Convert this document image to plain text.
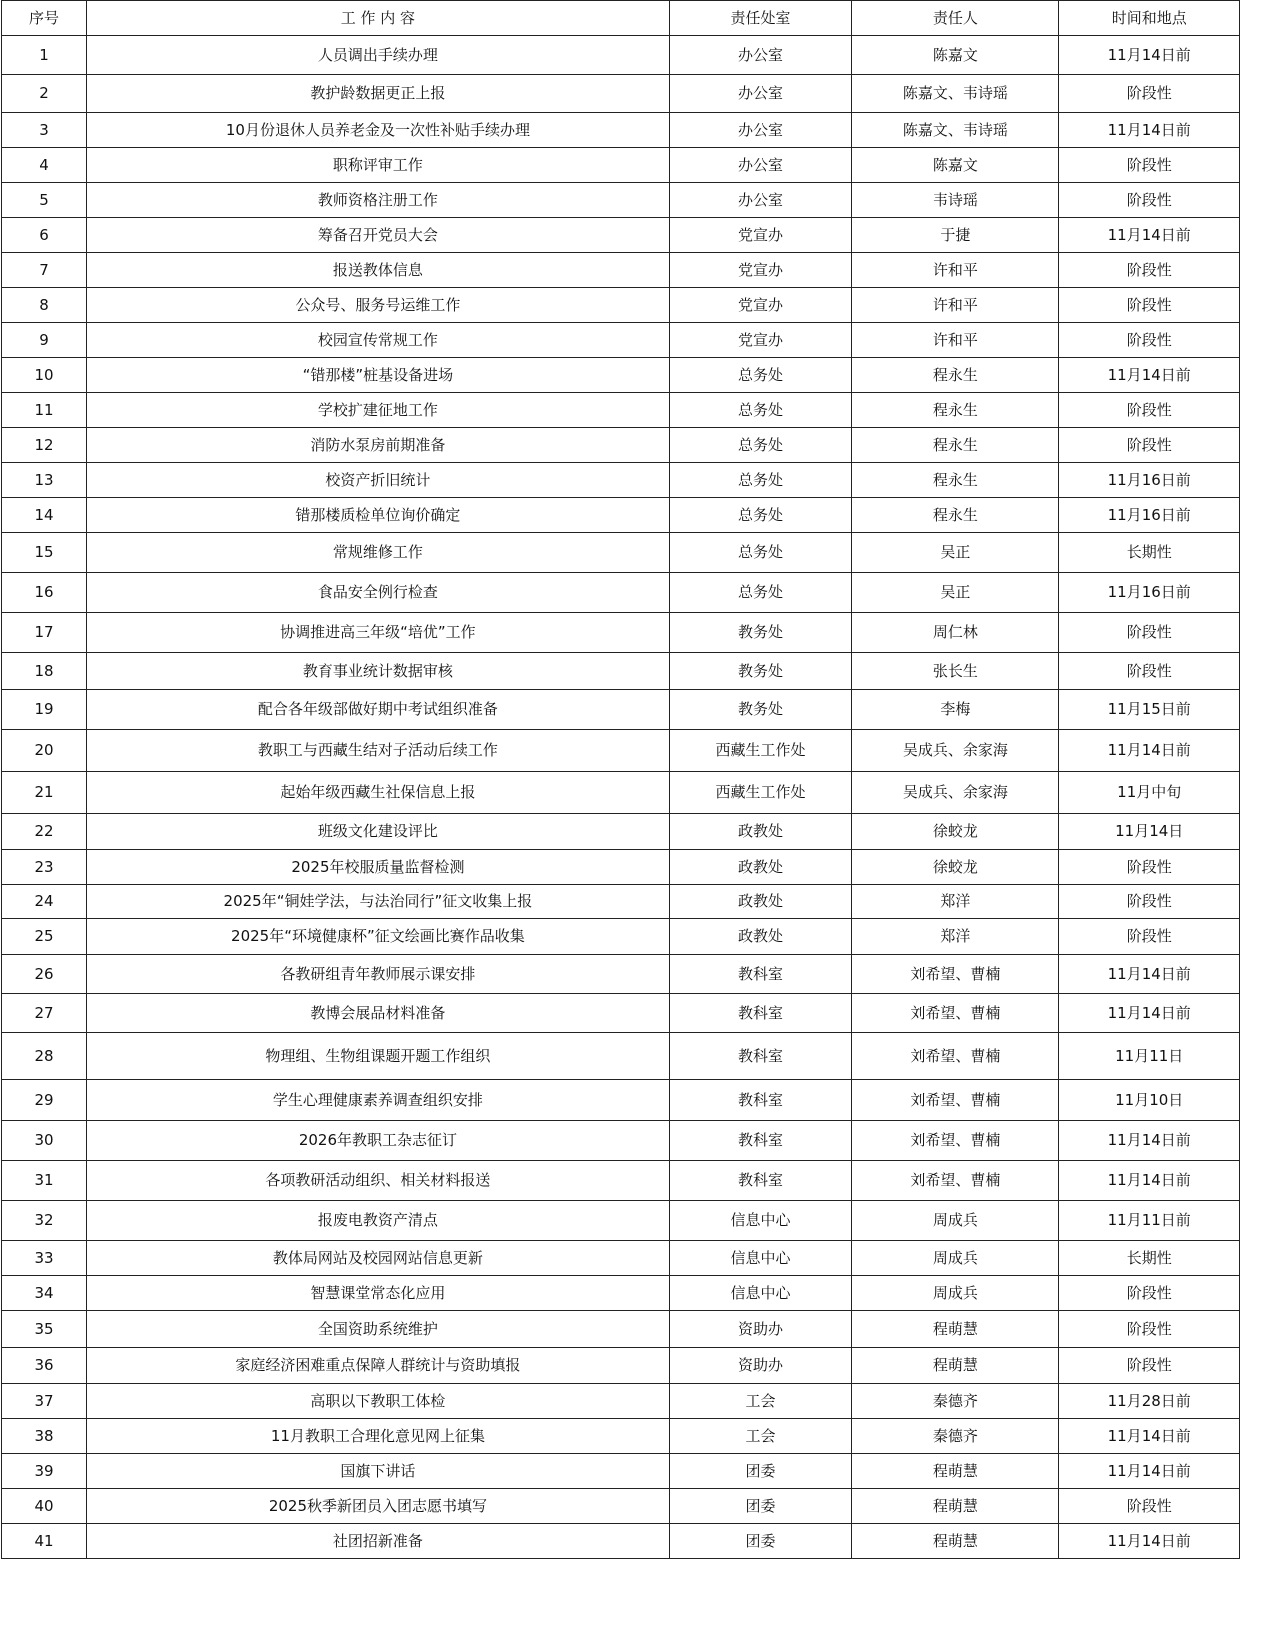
序号	工 作 内 容	责任处室	责任人	时间和地点
1	人员调出手续办理	办公室	陈嘉文	11月14日前
2	教护龄数据更正上报	办公室	陈嘉文、韦诗瑶	阶段性
3	10月份退休人员养老金及一次性补贴手续办理	办公室	陈嘉文、韦诗瑶	11月14日前
4	职称评审工作	办公室	陈嘉文	阶段性
5	教师资格注册工作	办公室	韦诗瑶	阶段性
6	筹备召开党员大会	党宣办	于捷	11月14日前
7	报送教体信息	党宣办	许和平	阶段性
8	公众号、服务号运维工作	党宣办	许和平	阶段性
9	校园宣传常规工作	党宣办	许和平	阶段性
10	“错那楼”桩基设备进场	总务处	程永生	11月14日前
11	学校扩建征地工作	总务处	程永生	阶段性
12	消防水泵房前期准备	总务处	程永生	阶段性
13	校资产折旧统计	总务处	程永生	11月16日前
14	错那楼质检单位询价确定	总务处	程永生	11月16日前
15	常规维修工作	总务处	吴正	长期性
16	食品安全例行检查	总务处	吴正	11月16日前
17	协调推进高三年级“培优”工作	教务处	周仁林	阶段性
18	教育事业统计数据审核	教务处	张长生	阶段性
19	配合各年级部做好期中考试组织准备	教务处	李梅	11月15日前
20	教职工与西藏生结对子活动后续工作	西藏生工作处	吴成兵、余家海	11月14日前
21	起始年级西藏生社保信息上报	西藏生工作处	吴成兵、余家海	11月中旬
22	班级文化建设评比	政教处	徐蛟龙	11月14日
23	2025年校服质量监督检测	政教处	徐蛟龙	阶段性
24	2025年“铜娃学法，与法治同行”征文收集上报	政教处	郑洋	阶段性
25	2025年“环境健康杯”征文绘画比赛作品收集	政教处	郑洋	阶段性
26	各教研组青年教师展示课安排	教科室	刘希望、曹楠	11月14日前
27	教博会展品材料准备	教科室	刘希望、曹楠	11月14日前
28	物理组、生物组课题开题工作组织	教科室	刘希望、曹楠	11月11日
29	学生心理健康素养调查组织安排	教科室	刘希望、曹楠	11月10日
30	2026年教职工杂志征订	教科室	刘希望、曹楠	11月14日前
31	各项教研活动组织、相关材料报送	教科室	刘希望、曹楠	11月14日前
32	报废电教资产清点	信息中心	周成兵	11月11日前
33	教体局网站及校园网站信息更新	信息中心	周成兵	长期性
34	智慧课堂常态化应用	信息中心	周成兵	阶段性
35	全国资助系统维护	资助办	程萌慧	阶段性
36	家庭经济困难重点保障人群统计与资助填报	资助办	程萌慧	阶段性
37	高职以下教职工体检	工会	秦德齐	11月28日前
38	11月教职工合理化意见网上征集	工会	秦德齐	11月14日前
39	国旗下讲话	团委	程萌慧	11月14日前
40	2025秋季新团员入团志愿书填写	团委	程萌慧	阶段性
41	社团招新准备	团委	程萌慧	11月14日前
